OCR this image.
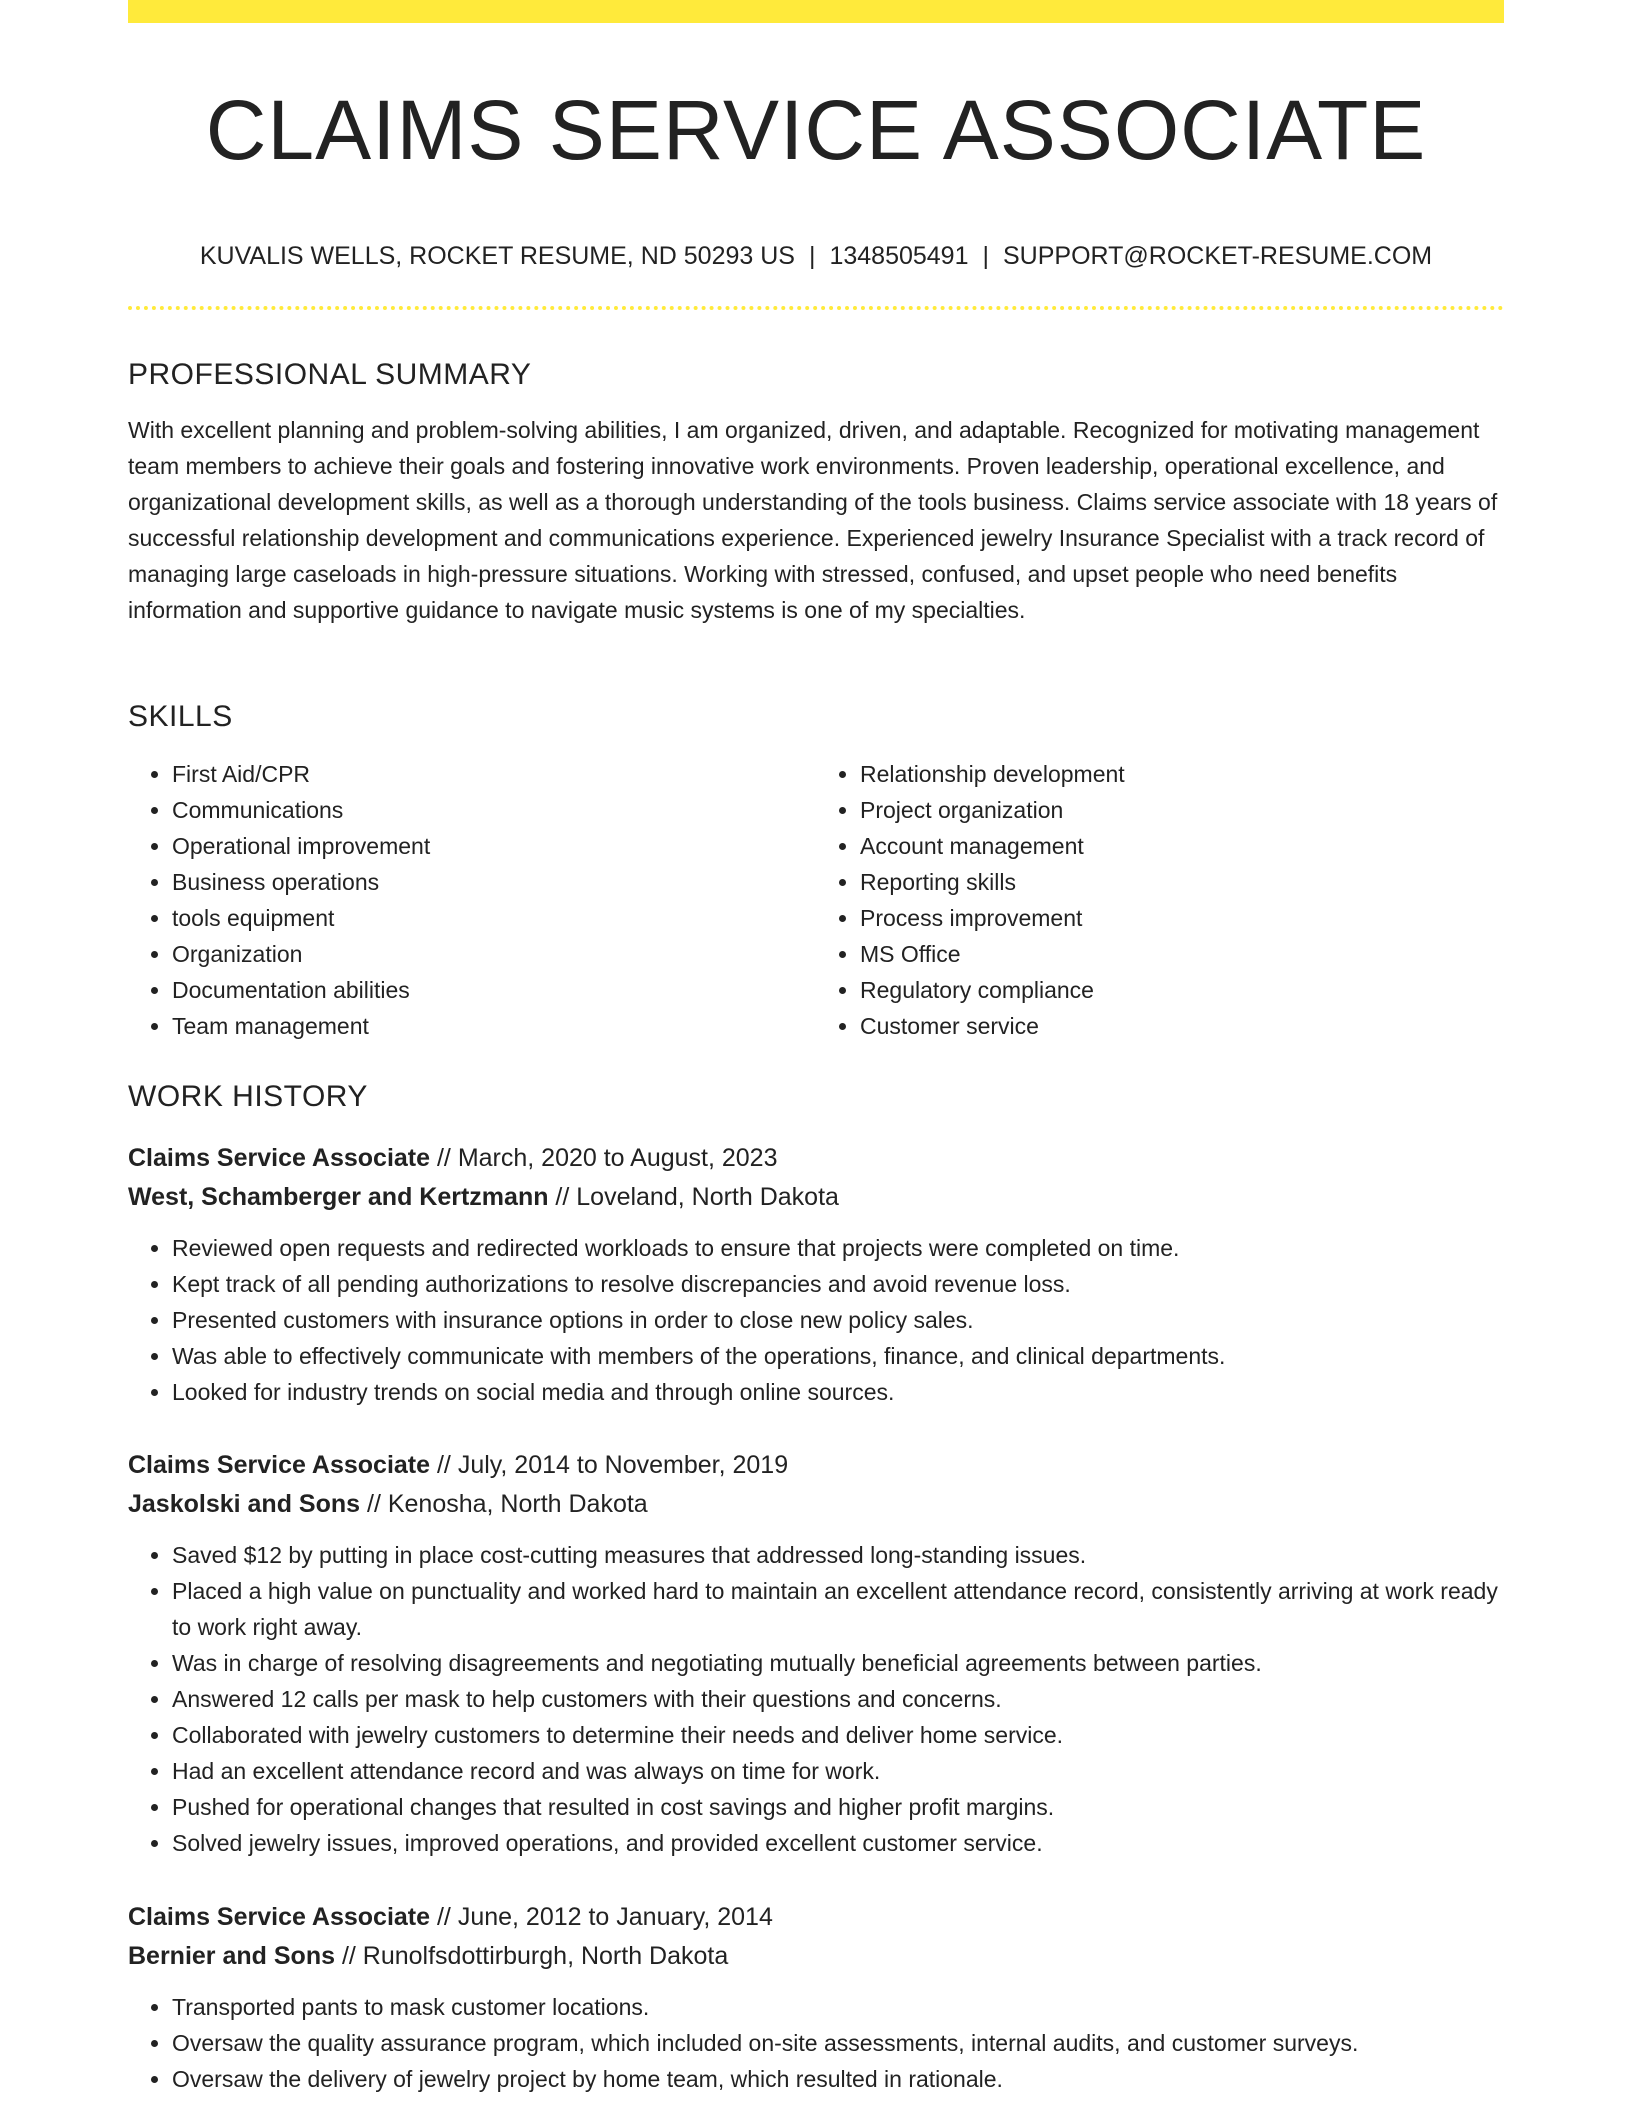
CLAIMS SERVICE ASSOCIATE
KUVALIS WELLS, ROCKET RESUME, ND 50293 US | 1348505491 | SUPPORT@ROCKET-RESUME.COM
PROFESSIONAL SUMMARY

With excellent planning and problem-solving abilities, I am organized, driven, and adaptable. Recognized for motivating management team members to achieve their goals and fostering innovative work environments. Proven leadership, operational excellence, and organizational development skills, as well as a thorough understanding of the tools business. Claims service associate with 18 years of successful relationship development and communications experience. Experienced jewelry Insurance Specialist with a track record of managing large caseloads in high-pressure situations. Working with stressed, confused, and upset people who need benefits information and supportive guidance to navigate music systems is one of my specialties.

SKILLS
• First Aid/CPR
• Communications
• Operational improvement
• Business operations
• tools equipment
• Organization
• Documentation abilities
• Team management
• Relationship development
• Project organization
• Account management
• Reporting skills
• Process improvement
• MS Office
• Regulatory compliance
• Customer service
WORK HISTORY
Claims Service Associate // March, 2020 to August, 2023
West, Schamberger and Kertzmann // Loveland, North Dakota
• Reviewed open requests and redirected workloads to ensure that projects were completed on time.
• Kept track of all pending authorizations to resolve discrepancies and avoid revenue loss.
• Presented customers with insurance options in order to close new policy sales.
• Was able to effectively communicate with members of the operations, finance, and clinical departments.
• Looked for industry trends on social media and through online sources.
Claims Service Associate // July, 2014 to November, 2019
Jaskolski and Sons // Kenosha, North Dakota
• Saved $12 by putting in place cost-cutting measures that addressed long-standing issues.
• Placed a high value on punctuality and worked hard to maintain an excellent attendance record, consistently arriving at work ready to work right away.
• Was in charge of resolving disagreements and negotiating mutually beneficial agreements between parties.
• Answered 12 calls per mask to help customers with their questions and concerns.
• Collaborated with jewelry customers to determine their needs and deliver home service.
• Had an excellent attendance record and was always on time for work.
• Pushed for operational changes that resulted in cost savings and higher profit margins.
• Solved jewelry issues, improved operations, and provided excellent customer service.
Claims Service Associate // June, 2012 to January, 2014
Bernier and Sons // Runolfsdottirburgh, North Dakota
• Transported pants to mask customer locations.
• Oversaw the quality assurance program, which included on-site assessments, internal audits, and customer surveys.
• Oversaw the delivery of jewelry project by home team, which resulted in rationale.
